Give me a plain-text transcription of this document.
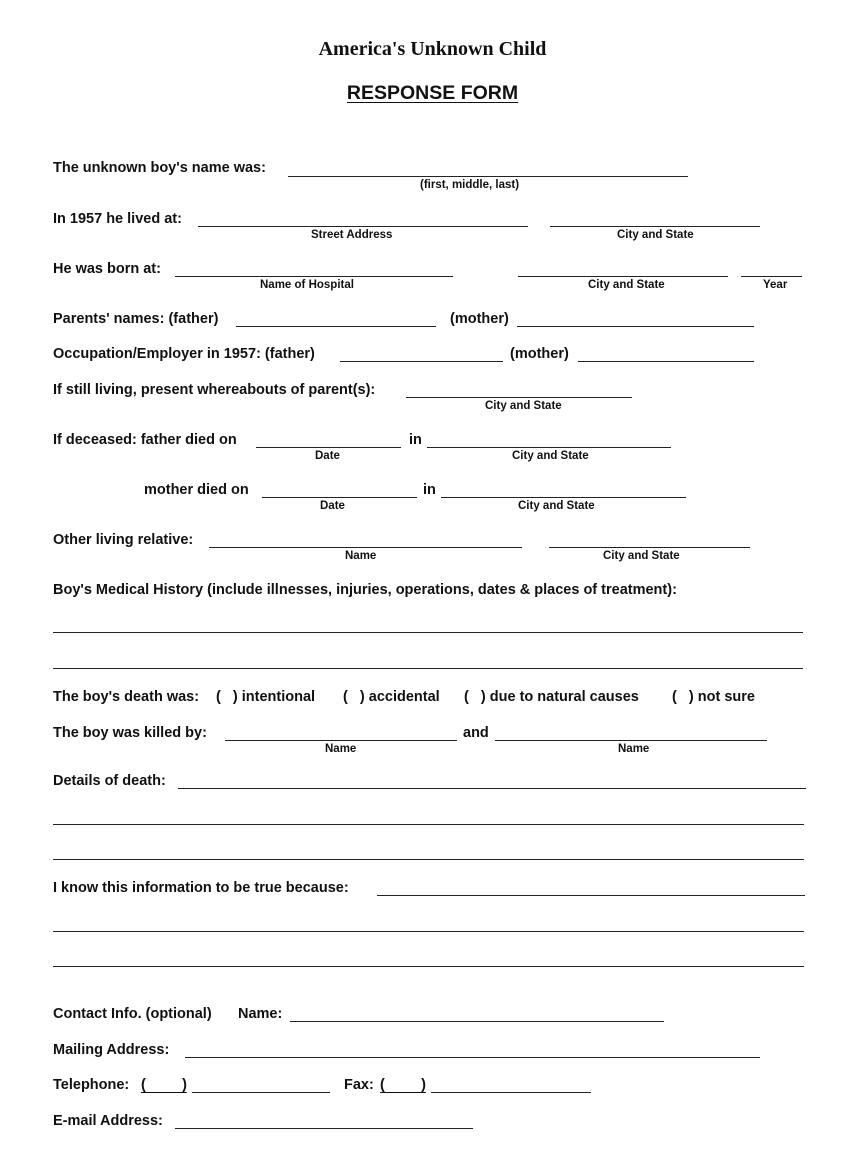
America's Unknown Child
RESPONSE FORM
The unknown boy's name was:
(first, middle, last)
In 1957 he lived at:
Street Address	City and State
He was born at:
Name of Hospital	City and State	Year
Parents' names: (father)	(mother)
Occupation/Employer in 1957: (father)	(mother)
If still living, present whereabouts of parent(s):
City and State
If deceased: father died on	in
Date	City and State
mother died on	in
Date	City and State
Other living relative:
Name	City and State
Boy's Medical History (include illnesses, injuries, operations, dates & places of treatment):
The boy's death was: (   ) intentional (   ) accidental (   ) due to natural causes (   ) not sure
The boy was killed by:	and
Name	Name
Details of death:
I know this information to be true because:
Contact Info. (optional) Name:
Mailing Address:
Telephone: (         )	Fax: (         )
E-mail Address:
